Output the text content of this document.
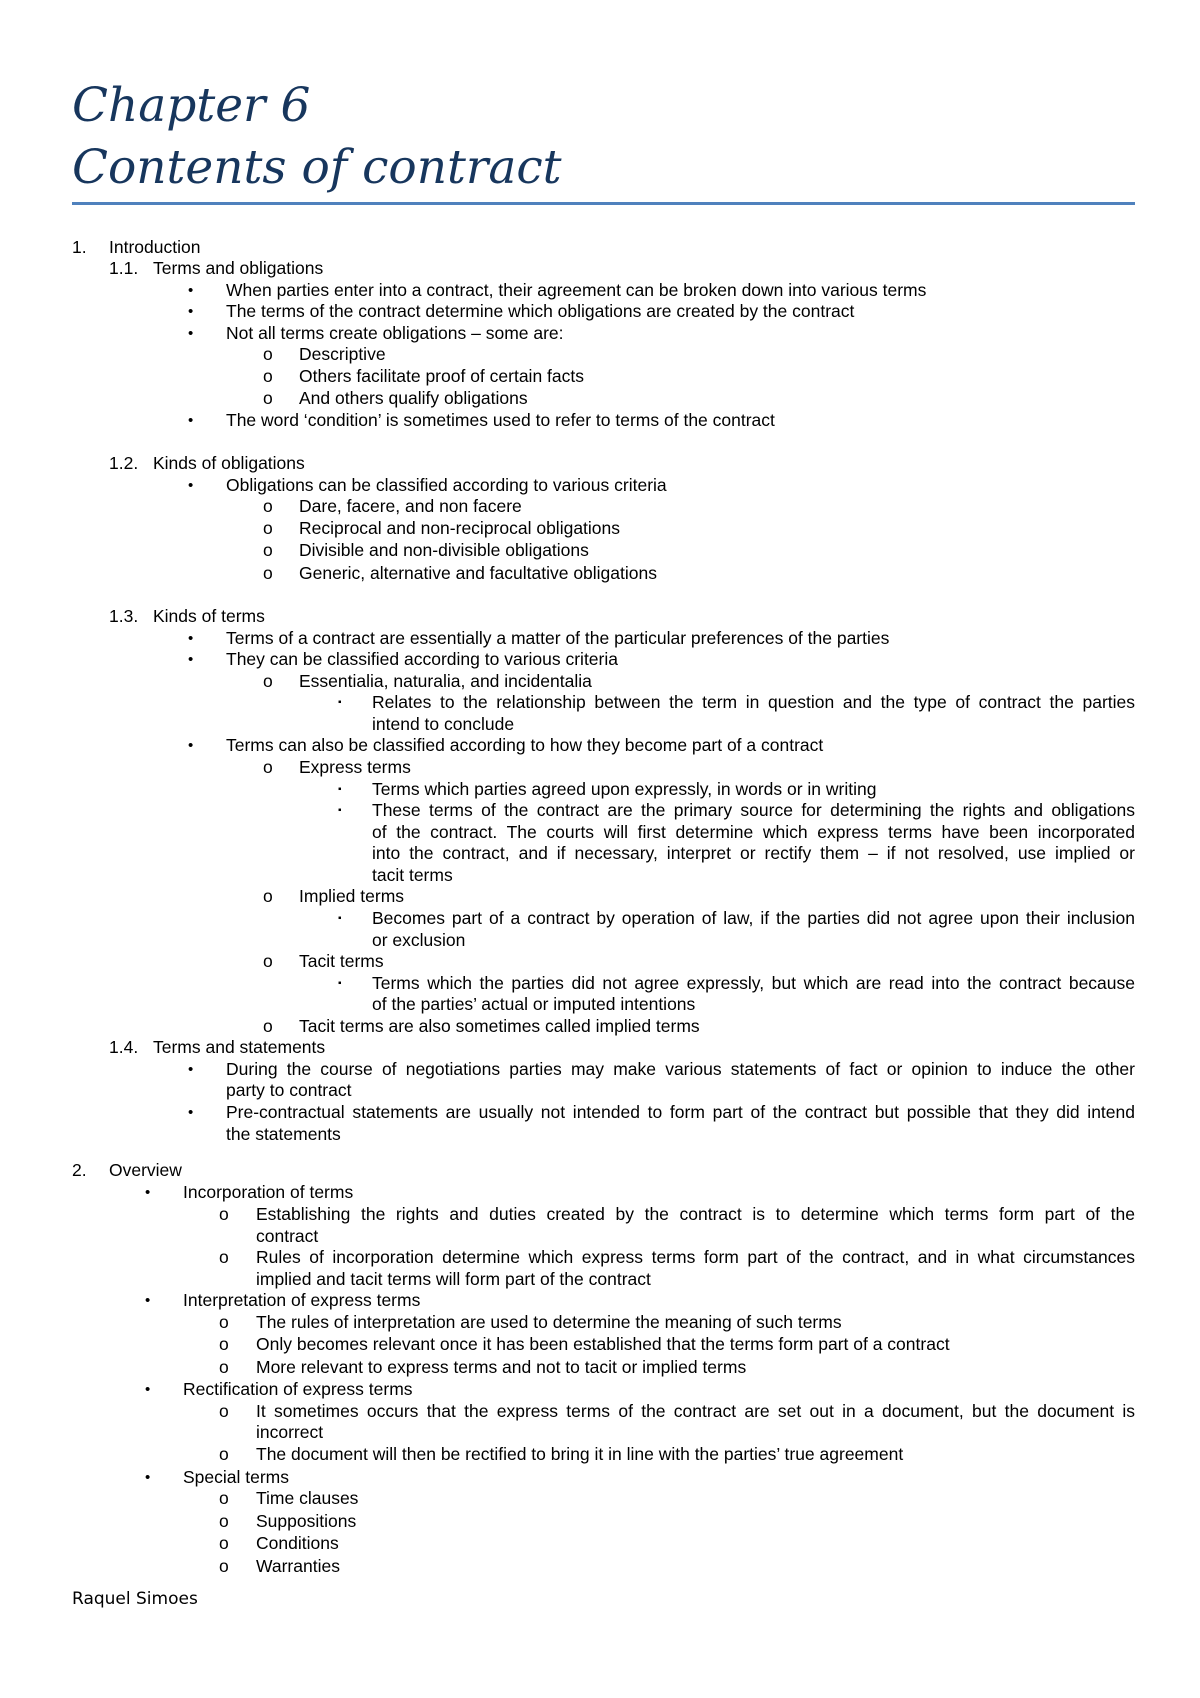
Chapter 6
Contents of contract
1. Introduction
1.1. Terms and obligations
• When parties enter into a contract, their agreement can be broken down into various terms
• The terms of the contract determine which obligations are created by the contract
• Not all terms create obligations – some are:
o Descriptive
o Others facilitate proof of certain facts
o And others qualify obligations
• The word ‘condition’ is sometimes used to refer to terms of the contract
1.2. Kinds of obligations
• Obligations can be classified according to various criteria
o Dare, facere, and non facere
o Reciprocal and non-reciprocal obligations
o Divisible and non-divisible obligations
o Generic, alternative and facultative obligations
1.3. Kinds of terms
• Terms of a contract are essentially a matter of the particular preferences of the parties
• They can be classified according to various criteria
o Essentialia, naturalia, and incidentalia
▪ Relates to the relationship between the term in question and the type of contract the parties
intend to conclude
• Terms can also be classified according to how they become part of a contract
o Express terms
▪ Terms which parties agreed upon expressly, in words or in writing
▪ These terms of the contract are the primary source for determining the rights and obligations
of the contract. The courts will first determine which express terms have been incorporated
into the contract, and if necessary, interpret or rectify them – if not resolved, use implied or
tacit terms
o Implied terms
▪ Becomes part of a contract by operation of law, if the parties did not agree upon their inclusion
or exclusion
o Tacit terms
▪ Terms which the parties did not agree expressly, but which are read into the contract because
of the parties’ actual or imputed intentions
o Tacit terms are also sometimes called implied terms
1.4. Terms and statements
• During the course of negotiations parties may make various statements of fact or opinion to induce the other
party to contract
• Pre-contractual statements are usually not intended to form part of the contract but possible that they did intend
the statements
2. Overview
• Incorporation of terms
o Establishing the rights and duties created by the contract is to determine which terms form part of the
contract
o Rules of incorporation determine which express terms form part of the contract, and in what circumstances
implied and tacit terms will form part of the contract
• Interpretation of express terms
o The rules of interpretation are used to determine the meaning of such terms
o Only becomes relevant once it has been established that the terms form part of a contract
o More relevant to express terms and not to tacit or implied terms
• Rectification of express terms
o It sometimes occurs that the express terms of the contract are set out in a document, but the document is
incorrect
o The document will then be rectified to bring it in line with the parties’ true agreement
• Special terms
o Time clauses
o Suppositions
o Conditions
o Warranties
Raquel Simoes
